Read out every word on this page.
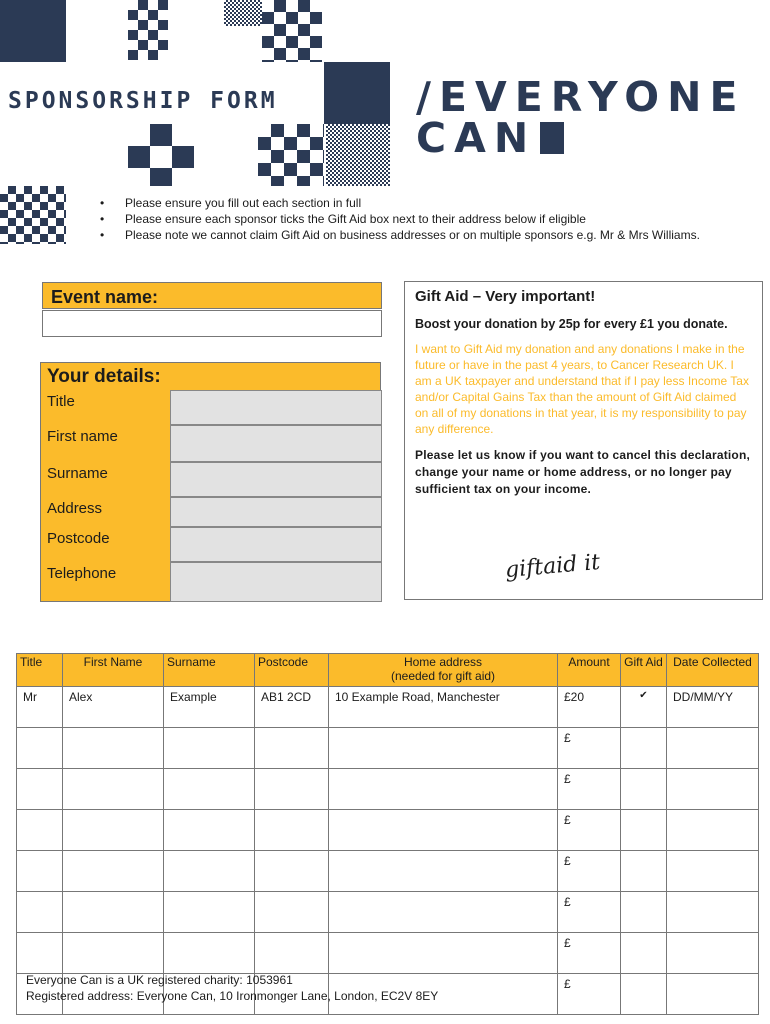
SPONSORSHIP FORM	/EVERYONE
CAN
• Please ensure you fill out each section in full
• Please ensure each sponsor ticks the Gift Aid box next to their address below if eligible
• Please note we cannot claim Gift Aid on business addresses or on multiple sponsors e.g. Mr & Mrs Williams.
Event name:
Your details:
Title
First name
Surname
Address
Postcode
Telephone

Gift Aid – Very important!

Boost your donation by 25p for every £1 you donate.

I want to Gift Aid my donation and any donations I make in the future or have in the past 4 years, to Cancer Research UK. I am a UK taxpayer and understand that if I pay less Income Tax and/or Capital Gains Tax than the amount of Gift Aid claimed on all of my donations in that year, it is my responsibility to pay any difference.

Please let us know if you want to cancel this declaration, change your name or home address, or no longer pay sufficient tax on your income.

giftaid it
Title	First Name	Surname	Postcode	Home address
(needed for gift aid)	Amount	Gift Aid	Date Collected
Mr	Alex	Example	AB1 2CD	10 Example Road, Manchester	£20	✔	DD/MM/YY
					£		
					£		
					£		
					£		
					£		
					£		
					£		
Everyone Can is a UK registered charity: 1053961
Registered address: Everyone Can, 10 Ironmonger Lane, London, EC2V 8EY
